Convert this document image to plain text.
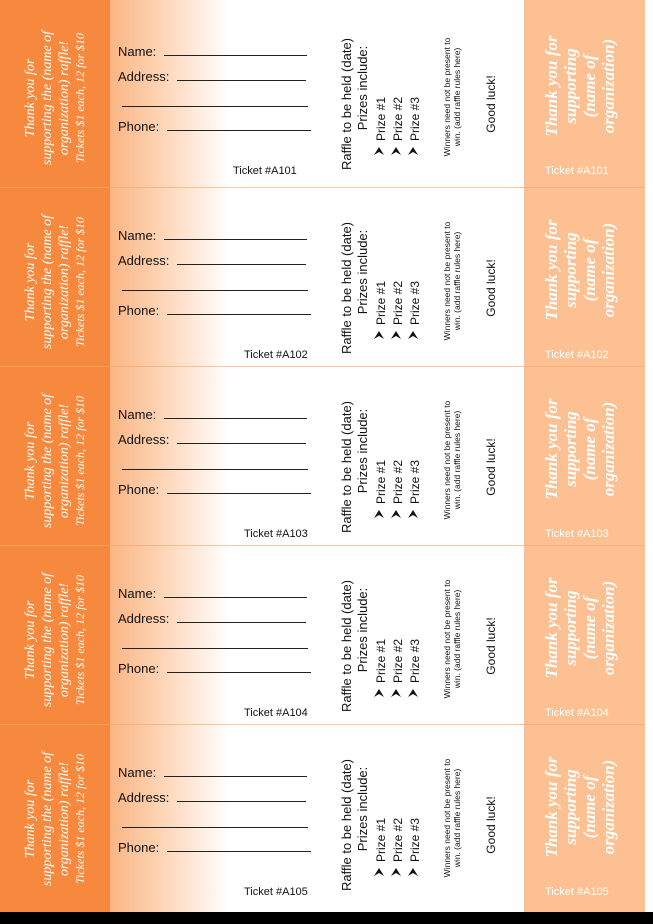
Thank you for supporting the (name of organization) raffle! Tickets $1 each, 12 for $10 Name:
Address:
Phone:
Ticket #A101
Raffle to be held (date) Prizes include: Prize #1 Prize #2 Prize #3 Winners need not be present to win. (add raffle rules here) Good luck!	Thank you for supporting (name of organization)
Ticket #A101
Thank you for supporting the (name of organization) raffle! Tickets $1 each, 12 for $10 Name:
Address:
Phone:
Ticket #A102
Raffle to be held (date) Prizes include: Prize #1 Prize #2 Prize #3 Winners need not be present to win. (add raffle rules here) Good luck!	Thank you for supporting (name of organization)
Ticket #A102
Thank you for supporting the (name of organization) raffle! Tickets $1 each, 12 for $10 Name:
Address:
Phone:
Ticket #A103
Raffle to be held (date) Prizes include: Prize #1 Prize #2 Prize #3 Winners need not be present to win. (add raffle rules here) Good luck!	Thank you for supporting (name of organization)
Ticket #A103
Thank you for supporting the (name of organization) raffle! Tickets $1 each, 12 for $10 Name:
Address:
Phone:
Ticket #A104
Raffle to be held (date) Prizes include: Prize #1 Prize #2 Prize #3 Winners need not be present to win. (add raffle rules here) Good luck!	Thank you for supporting (name of organization)
Ticket #A104
Thank you for supporting the (name of organization) raffle! Tickets $1 each, 12 for $10 Name:
Address:
Phone:
Ticket #A105
Raffle to be held (date) Prizes include: Prize #1 Prize #2 Prize #3 Winners need not be present to win. (add raffle rules here) Good luck!	Thank you for supporting (name of organization)
Ticket #A105
